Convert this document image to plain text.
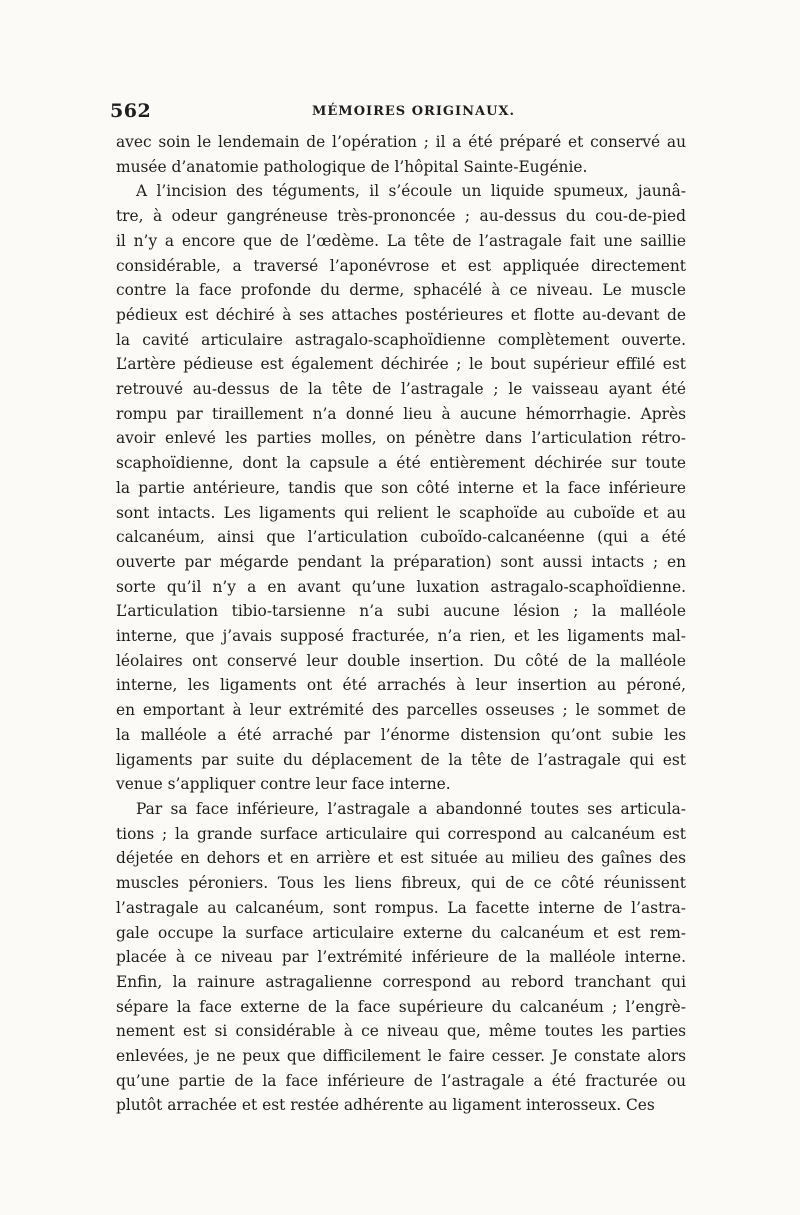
562	MÉMOIRES ORIGINAUX.

avec soin le lendemain de l’opération ; il a été préparé et conservé au
musée d’anatomie pathologique de l’hôpital Sainte-Eugénie.

A l’incision des téguments, il s’écoule un liquide spumeux, jaunâ-
tre, à odeur gangréneuse très-prononcée ; au-dessus du cou-de-pied
il n’y a encore que de l’œdème. La tête de l’astragale fait une saillie
considérable, a traversé l’aponévrose et est appliquée directement
contre la face profonde du derme, sphacélé à ce niveau. Le muscle
pédieux est déchiré à ses attaches postérieures et flotte au-devant de
la cavité articulaire astragalo-scaphoïdienne complètement ouverte.
L’artère pédieuse est également déchirée ; le bout supérieur effilé est
retrouvé au-dessus de la tête de l’astragale ; le vaisseau ayant été
rompu par tiraillement n’a donné lieu à aucune hémorrhagie. Après
avoir enlevé les parties molles, on pénètre dans l’articulation rétro-
scaphoïdienne, dont la capsule a été entièrement déchirée sur toute
la partie antérieure, tandis que son côté interne et la face inférieure
sont intacts. Les ligaments qui relient le scaphoïde au cuboïde et au
calcanéum, ainsi que l’articulation cuboïdo-calcanéenne (qui a été
ouverte par mégarde pendant la préparation) sont aussi intacts ; en
sorte qu’il n’y a en avant qu’une luxation astragalo-scaphoïdienne.
L’articulation tibio-tarsienne n’a subi aucune lésion ; la malléole
interne, que j’avais supposé fracturée, n’a rien, et les ligaments mal-
léolaires ont conservé leur double insertion. Du côté de la malléole
interne, les ligaments ont été arrachés à leur insertion au péroné,
en emportant à leur extrémité des parcelles osseuses ; le sommet de
la malléole a été arraché par l’énorme distension qu’ont subie les
ligaments par suite du déplacement de la tête de l’astragale qui est
venue s’appliquer contre leur face interne.

Par sa face inférieure, l’astragale a abandonné toutes ses articula-
tions ; la grande surface articulaire qui correspond au calcanéum est
déjetée en dehors et en arrière et est située au milieu des gaînes des
muscles péroniers. Tous les liens fibreux, qui de ce côté réunissent
l’astragale au calcanéum, sont rompus. La facette interne de l’astra-
gale occupe la surface articulaire externe du calcanéum et est rem-
placée à ce niveau par l’extrémité inférieure de la malléole interne.
Enfin, la rainure astragalienne correspond au rebord tranchant qui
sépare la face externe de la face supérieure du calcanéum ; l’engrè-
nement est si considérable à ce niveau que, même toutes les parties
enlevées, je ne peux que difficilement le faire cesser. Je constate alors
qu’une partie de la face inférieure de l’astragale a été fracturée ou
plutôt arrachée et est restée adhérente au ligament interosseux. Ces
